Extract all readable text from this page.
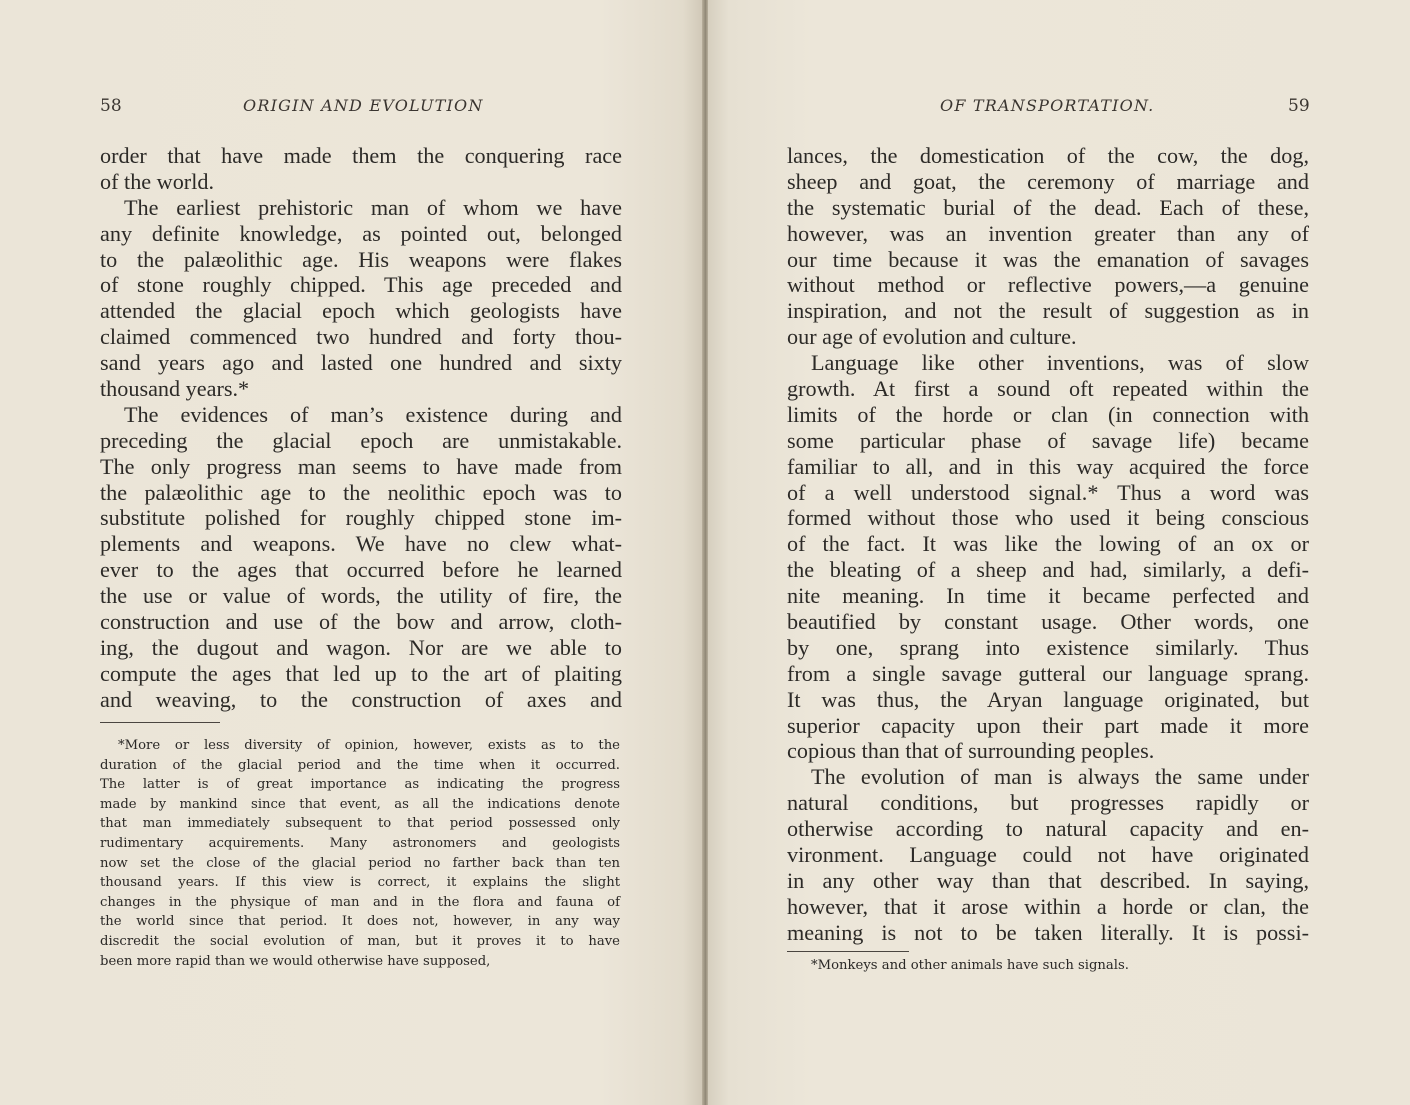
58	ORIGIN AND EVOLUTION
order that have made them the conquering race
of the world.
The earliest prehistoric man of whom we have
any definite knowledge, as pointed out, belonged
to the palæolithic age. His weapons were flakes
of stone roughly chipped. This age preceded and
attended the glacial epoch which geologists have
claimed commenced two hundred and forty thou-
sand years ago and lasted one hundred and sixty
thousand years.*
The evidences of man’s existence during and
preceding the glacial epoch are unmistakable.
The only progress man seems to have made from
the palæolithic age to the neolithic epoch was to
substitute polished for roughly chipped stone im-
plements and weapons. We have no clew what-
ever to the ages that occurred before he learned
the use or value of words, the utility of fire, the
construction and use of the bow and arrow, cloth-
ing, the dugout and wagon. Nor are we able to
compute the ages that led up to the art of plaiting
and weaving, to the construction of axes and
*More or less diversity of opinion, however, exists as to the
duration of the glacial period and the time when it occurred.
The latter is of great importance as indicating the progress
made by mankind since that event, as all the indications denote
that man immediately subsequent to that period possessed only
rudimentary acquirements. Many astronomers and geologists
now set the close of the glacial period no farther back than ten
thousand years. If this view is correct, it explains the slight
changes in the physique of man and in the flora and fauna of
the world since that period. It does not, however, in any way
discredit the social evolution of man, but it proves it to have
been more rapid than we would otherwise have supposed,
OF TRANSPORTATION.	59
lances, the domestication of the cow, the dog,
sheep and goat, the ceremony of marriage and
the systematic burial of the dead. Each of these,
however, was an invention greater than any of
our time because it was the emanation of savages
without method or reflective powers,—a genuine
inspiration, and not the result of suggestion as in
our age of evolution and culture.
Language like other inventions, was of slow
growth. At first a sound oft repeated within the
limits of the horde or clan (in connection with
some particular phase of savage life) became
familiar to all, and in this way acquired the force
of a well understood signal.* Thus a word was
formed without those who used it being conscious
of the fact. It was like the lowing of an ox or
the bleating of a sheep and had, similarly, a defi-
nite meaning. In time it became perfected and
beautified by constant usage. Other words, one
by one, sprang into existence similarly. Thus
from a single savage gutteral our language sprang.
It was thus, the Aryan language originated, but
superior capacity upon their part made it more
copious than that of surrounding peoples.
The evolution of man is always the same under
natural conditions, but progresses rapidly or
otherwise according to natural capacity and en-
vironment. Language could not have originated
in any other way than that described. In saying,
however, that it arose within a horde or clan, the
meaning is not to be taken literally. It is possi-
*Monkeys and other animals have such signals.
